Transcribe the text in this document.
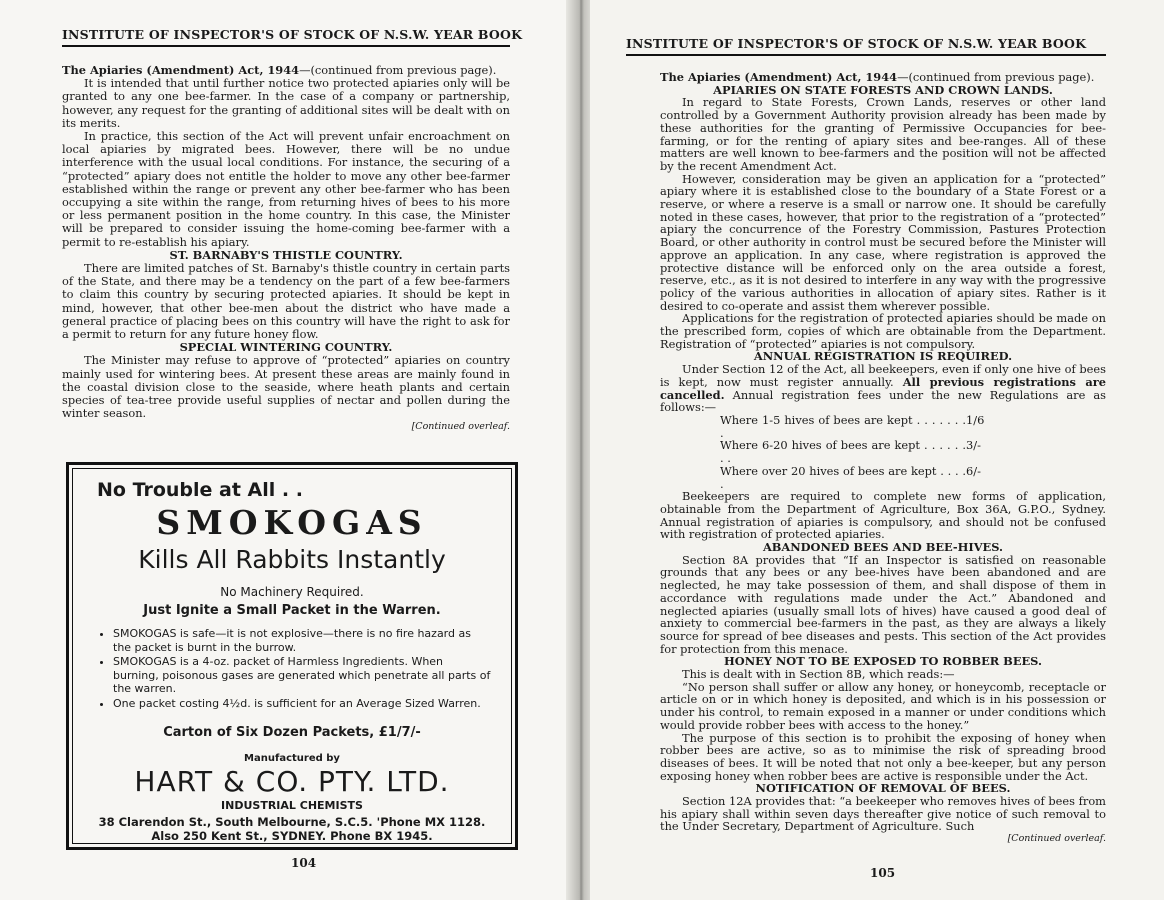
INSTITUTE OF INSPECTOR'S OF STOCK OF N.S.W. YEAR BOOK

The Apiaries (Amendment) Act, 1944—(continued from previous page).

It is intended that until further notice two protected apiaries only will be granted to any one bee-farmer. In the case of a company or partnership, however, any request for the granting of additional sites will be dealt with on its merits.

In practice, this section of the Act will prevent unfair encroachment on local apiaries by migrated bees. However, there will be no undue interference with the usual local conditions. For instance, the securing of a “protected” apiary does not entitle the holder to move any other bee-farmer established within the range or prevent any other bee-farmer who has been occupying a site within the range, from returning hives of bees to his more or less permanent position in the home country. In this case, the Minister will be prepared to consider issuing the home-coming bee-farmer with a permit to re-establish his apiary.

ST. BARNABY'S THISTLE COUNTRY.

There are limited patches of St. Barnaby's thistle country in certain parts of the State, and there may be a tendency on the part of a few bee-farmers to claim this country by securing protected apiaries. It should be kept in mind, however, that other bee-men about the district who have made a general practice of placing bees on this country will have the right to ask for a permit to return for any future honey flow.

SPECIAL WINTERING COUNTRY.

The Minister may refuse to approve of “protected” apiaries on country mainly used for wintering bees. At present these areas are mainly found in the coastal division close to the seaside, where heath plants and certain species of tea-tree provide useful supplies of nectar and pollen during the winter season.

[Continued overleaf.

No Trouble at All . .
SMOKOGAS
Kills All Rabbits Instantly
No Machinery Required.
Just Ignite a Small Packet in the Warren.
• SMOKOGAS is safe—it is not explosive—there is no fire hazard as the packet is burnt in the burrow.
• SMOKOGAS is a 4-oz. packet of Harmless Ingredients. When burning, poisonous gases are generated which penetrate all parts of the warren.
• One packet costing 4½d. is sufficient for an Average Sized Warren.
Carton of Six Dozen Packets, £1/7/-
Manufactured by
HART & CO. PTY. LTD.
INDUSTRIAL CHEMISTS
38 Clarendon St., South Melbourne, S.C.5. 'Phone MX 1128.
Also 250 Kent St., SYDNEY. Phone BX 1945.
104
INSTITUTE OF INSPECTOR'S OF STOCK OF N.S.W. YEAR BOOK

The Apiaries (Amendment) Act, 1944—(continued from previous page).

APIARIES ON STATE FORESTS AND CROWN LANDS.

In regard to State Forests, Crown Lands, reserves or other land controlled by a Government Authority provision already has been made by these authorities for the granting of Permissive Occupancies for bee-farming, or for the renting of apiary sites and bee-ranges. All of these matters are well known to bee-farmers and the position will not be affected by the recent Amendment Act.

However, consideration may be given an application for a “protected” apiary where it is established close to the boundary of a State Forest or a reserve, or where a reserve is a small or narrow one. It should be carefully noted in these cases, however, that prior to the registration of a “protected” apiary the concurrence of the Forestry Commission, Pastures Protection Board, or other authority in control must be secured before the Minister will approve an application. In any case, where registration is approved the protective distance will be enforced only on the area outside a forest, reserve, etc., as it is not desired to interfere in any way with the progressive policy of the various authorities in allocation of apiary sites. Rather is it desired to co-operate and assist them wherever possible.

Applications for the registration of protected apiaries should be made on the prescribed form, copies of which are obtainable from the Department. Registration of “protected” apiaries is not compulsory.

ANNUAL REGISTRATION IS REQUIRED.

Under Section 12 of the Act, all beekeepers, even if only one hive of bees is kept, now must register annually. All previous registrations are cancelled. Annual registration fees under the new Regulations are as follows:—

Where 1-5 hives of bees are kept . . . . . . . .
1/6
Where 6-20 hives of bees are kept . . . . . . . .
3/-
Where over 20 hives of bees are kept . . . . .
6/-

Beekeepers are required to complete new forms of application, obtainable from the Department of Agriculture, Box 36A, G.P.O., Sydney. Annual registration of apiaries is compulsory, and should not be confused with registration of protected apiaries.

ABANDONED BEES AND BEE-HIVES.

Section 8A provides that “If an Inspector is satisfied on reasonable grounds that any bees or any bee-hives have been abandoned and are neglected, he may take possession of them, and shall dispose of them in accordance with regulations made under the Act.” Abandoned and neglected apiaries (usually small lots of hives) have caused a good deal of anxiety to commercial bee-farmers in the past, as they are always a likely source for spread of bee diseases and pests. This section of the Act provides for protection from this menace.

HONEY NOT TO BE EXPOSED TO ROBBER BEES.

This is dealt with in Section 8B, which reads:—

“No person shall suffer or allow any honey, or honeycomb, receptacle or article on or in which honey is deposited, and which is in his possession or under his control, to remain exposed in a manner or under conditions which would provide robber bees with access to the honey.”

The purpose of this section is to prohibit the exposing of honey when robber bees are active, so as to minimise the risk of spreading brood diseases of bees. It will be noted that not only a bee-keeper, but any person exposing honey when robber bees are active is responsible under the Act.

NOTIFICATION OF REMOVAL OF BEES.

Section 12A provides that: “a beekeeper who removes hives of bees from his apiary shall within seven days thereafter give notice of such removal to the Under Secretary, Department of Agriculture. Such

[Continued overleaf.

105
